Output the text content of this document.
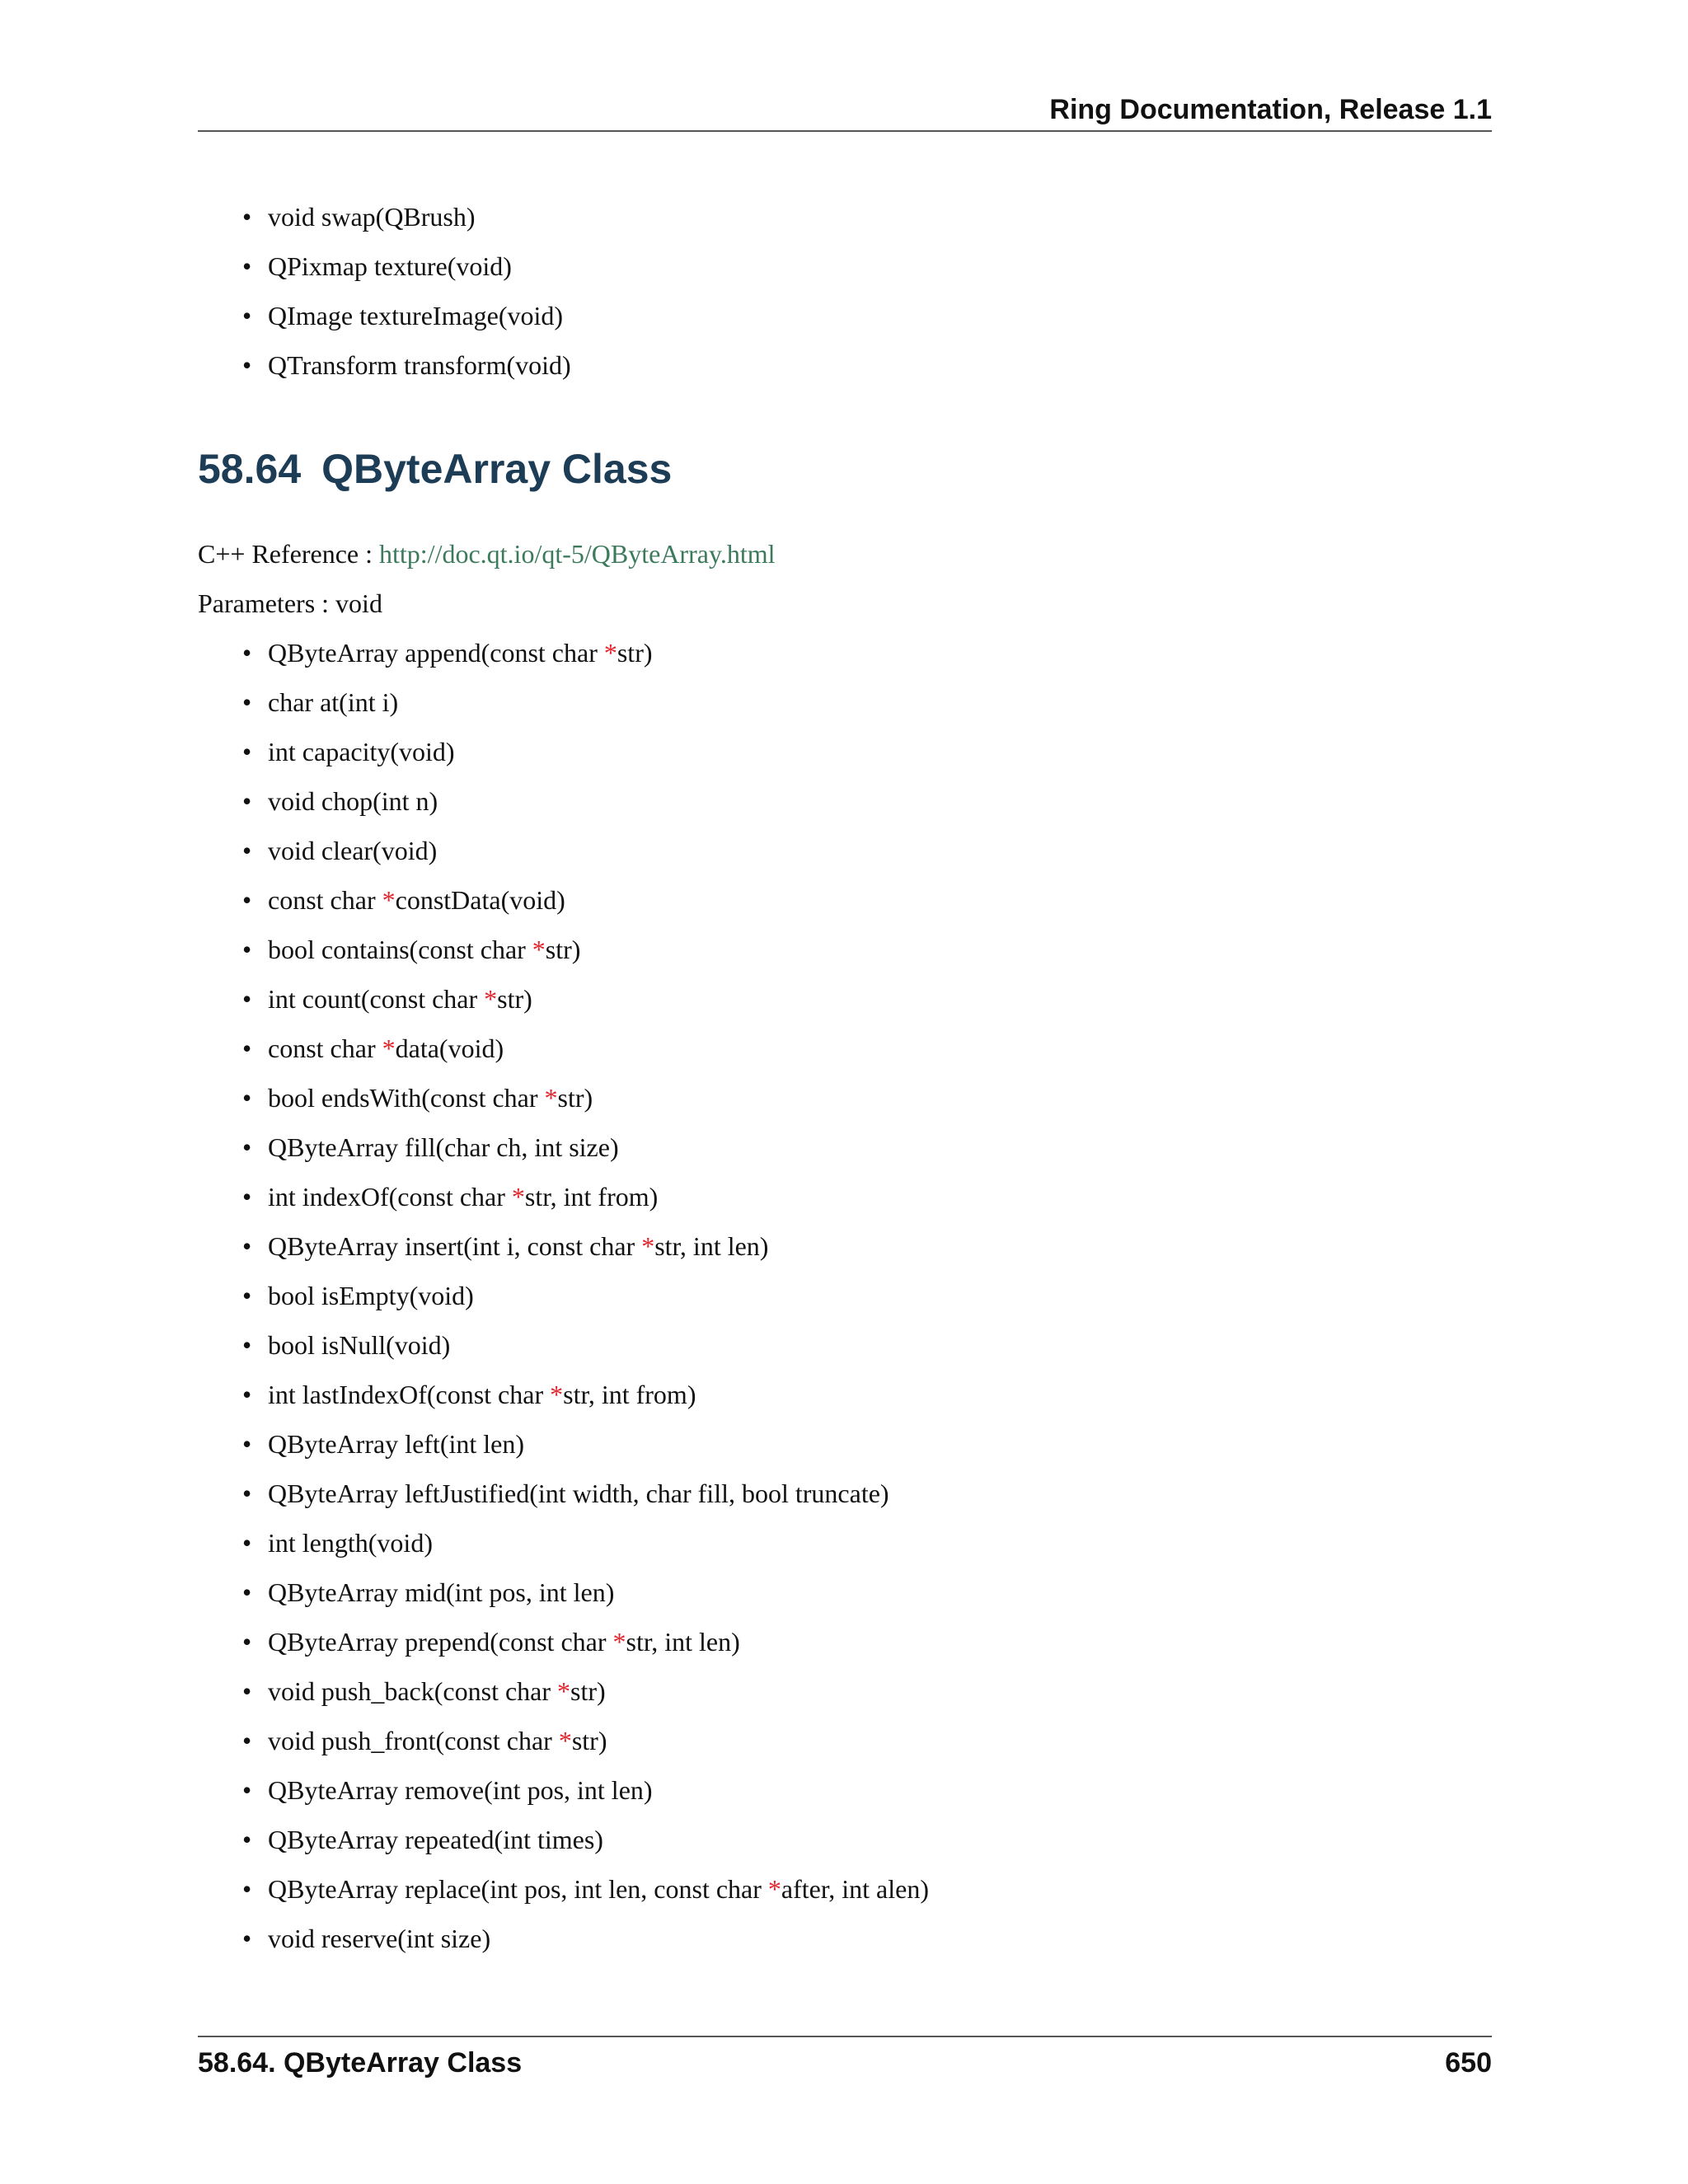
Ring Documentation, Release 1.1
• void swap(QBrush)
• QPixmap texture(void)
• QImage textureImage(void)
• QTransform transform(void)
58.64 QByteArray Class
C++ Reference : http://doc.qt.io/qt-5/QByteArray.html
Parameters : void
• QByteArray append(const char *str)
• char at(int i)
• int capacity(void)
• void chop(int n)
• void clear(void)
• const char *constData(void)
• bool contains(const char *str)
• int count(const char *str)
• const char *data(void)
• bool endsWith(const char *str)
• QByteArray fill(char ch, int size)
• int indexOf(const char *str, int from)
• QByteArray insert(int i, const char *str, int len)
• bool isEmpty(void)
• bool isNull(void)
• int lastIndexOf(const char *str, int from)
• QByteArray left(int len)
• QByteArray leftJustified(int width, char fill, bool truncate)
• int length(void)
• QByteArray mid(int pos, int len)
• QByteArray prepend(const char *str, int len)
• void push_back(const char *str)
• void push_front(const char *str)
• QByteArray remove(int pos, int len)
• QByteArray repeated(int times)
• QByteArray replace(int pos, int len, const char *after, int alen)
• void reserve(int size)
58.64. QByteArray Class	650
